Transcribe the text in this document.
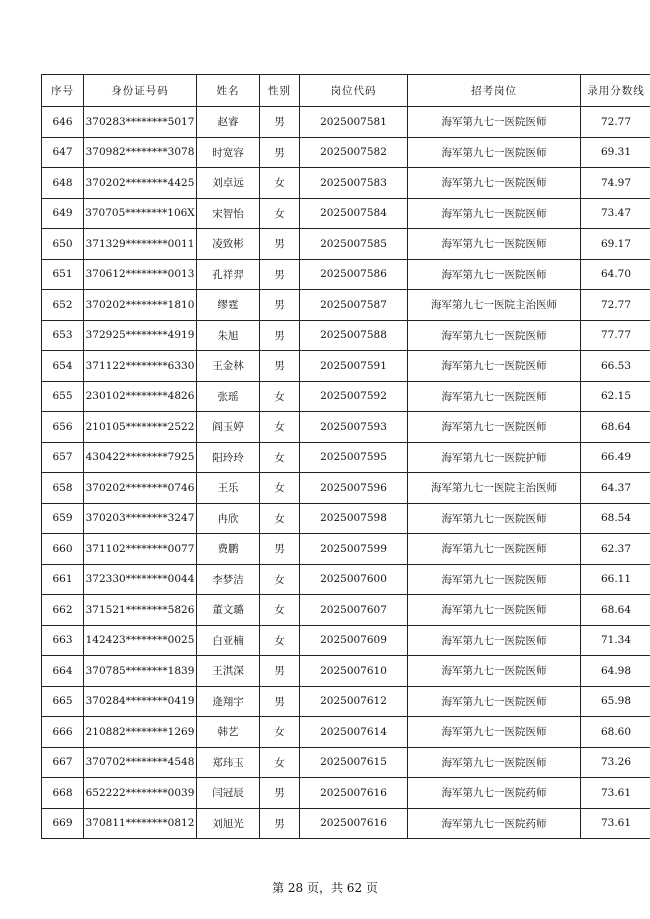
序号	身份证号码	姓名	性别	岗位代码	招考岗位	录用分数线
646	370283********5017	赵睿	男	2025007581	海军第九七一医院医师	72.77
647	370982********3078	时宽容	男	2025007582	海军第九七一医院医师	69.31
648	370202********4425	刘卓远	女	2025007583	海军第九七一医院医师	74.97
649	370705********106X	宋智怡	女	2025007584	海军第九七一医院医师	73.47
650	371329********0011	凌致彬	男	2025007585	海军第九七一医院医师	69.17
651	370612********0013	孔祥羿	男	2025007586	海军第九七一医院医师	64.70
652	370202********1810	缪霆	男	2025007587	海军第九七一医院主治医师	72.77
653	372925********4919	朱旭	男	2025007588	海军第九七一医院医师	77.77
654	371122********6330	王金林	男	2025007591	海军第九七一医院医师	66.53
655	230102********4826	张瑶	女	2025007592	海军第九七一医院医师	62.15
656	210105********2522	阎玉婷	女	2025007593	海军第九七一医院医师	68.64
657	430422********7925	阳玲玲	女	2025007595	海军第九七一医院护师	66.49
658	370202********0746	王乐	女	2025007596	海军第九七一医院主治医师	64.37
659	370203********3247	冉欣	女	2025007598	海军第九七一医院医师	68.54
660	371102********0077	费鹏	男	2025007599	海军第九七一医院医师	62.37
661	372330********0044	李梦洁	女	2025007600	海军第九七一医院医师	66.11
662	371521********5826	董文璐	女	2025007607	海军第九七一医院医师	68.64
663	142423********0025	白亚楠	女	2025007609	海军第九七一医院医师	71.34
664	370785********1839	王淇深	男	2025007610	海军第九七一医院医师	64.98
665	370284********0419	逄翔宇	男	2025007612	海军第九七一医院医师	65.98
666	210882********1269	韩艺	女	2025007614	海军第九七一医院医师	68.60
667	370702********4548	郑玮玉	女	2025007615	海军第九七一医院医师	73.26
668	652222********0039	闫冠辰	男	2025007616	海军第九七一医院药师	73.61
669	370811********0812	刘旭光	男	2025007616	海军第九七一医院药师	73.61
第 28 页，共 62 页
